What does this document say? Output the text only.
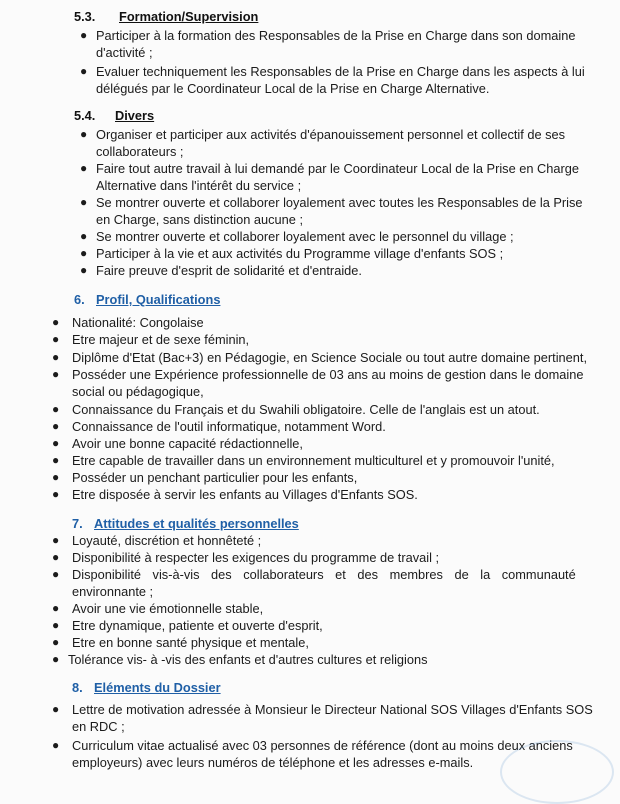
5.3. Formation/Supervision
● Participer à la formation des Responsables de la Prise en Charge dans son domaine
d'activité ;
● Evaluer techniquement les Responsables de la Prise en Charge dans les aspects à lui
délégués par le Coordinateur Local de la Prise en Charge Alternative.
5.4. Divers
● Organiser et participer aux activités d'épanouissement personnel et collectif de ses
collaborateurs ;
● Faire tout autre travail à lui demandé par le Coordinateur Local de la Prise en Charge
Alternative dans l'intérêt du service ;
● Se montrer ouverte et collaborer loyalement avec toutes les Responsables de la Prise
en Charge, sans distinction aucune ;
● Se montrer ouverte et collaborer loyalement avec le personnel du village ;
● Participer à la vie et aux activités du Programme village d'enfants SOS ;
● Faire preuve d'esprit de solidarité et d'entraide.
6. Profil, Qualifications
● Nationalité: Congolaise
● Etre majeur et de sexe féminin,
● Diplôme d'Etat (Bac+3) en Pédagogie, en Science Sociale ou tout autre domaine pertinent,
● Posséder une Expérience professionnelle de 03 ans au moins de gestion dans le domaine
social ou pédagogique,
● Connaissance du Français et du Swahili obligatoire. Celle de l'anglais est un atout.
● Connaissance de l'outil informatique, notamment Word.
● Avoir une bonne capacité rédactionnelle,
● Etre capable de travailler dans un environnement multiculturel et y promouvoir l'unité,
● Posséder un penchant particulier pour les enfants,
● Etre disposée à servir les enfants au Villages d'Enfants SOS.
7. Attitudes et qualités personnelles
● Loyauté, discrétion et honnêteté ;
● Disponibilité à respecter les exigences du programme de travail ;
● Disponibilité vis-à-vis des collaborateurs et des membres de la communauté
environnante ;
● Avoir une vie émotionnelle stable,
● Etre dynamique, patiente et ouverte d'esprit,
● Etre en bonne santé physique et mentale,
● Tolérance vis- à -vis des enfants et d'autres cultures et religions
8. Eléments du Dossier
● Lettre de motivation adressée à Monsieur le Directeur National SOS Villages d'Enfants SOS
en RDC ;
● Curriculum vitae actualisé avec 03 personnes de référence (dont au moins deux anciens
employeurs) avec leurs numéros de téléphone et les adresses e-mails.
